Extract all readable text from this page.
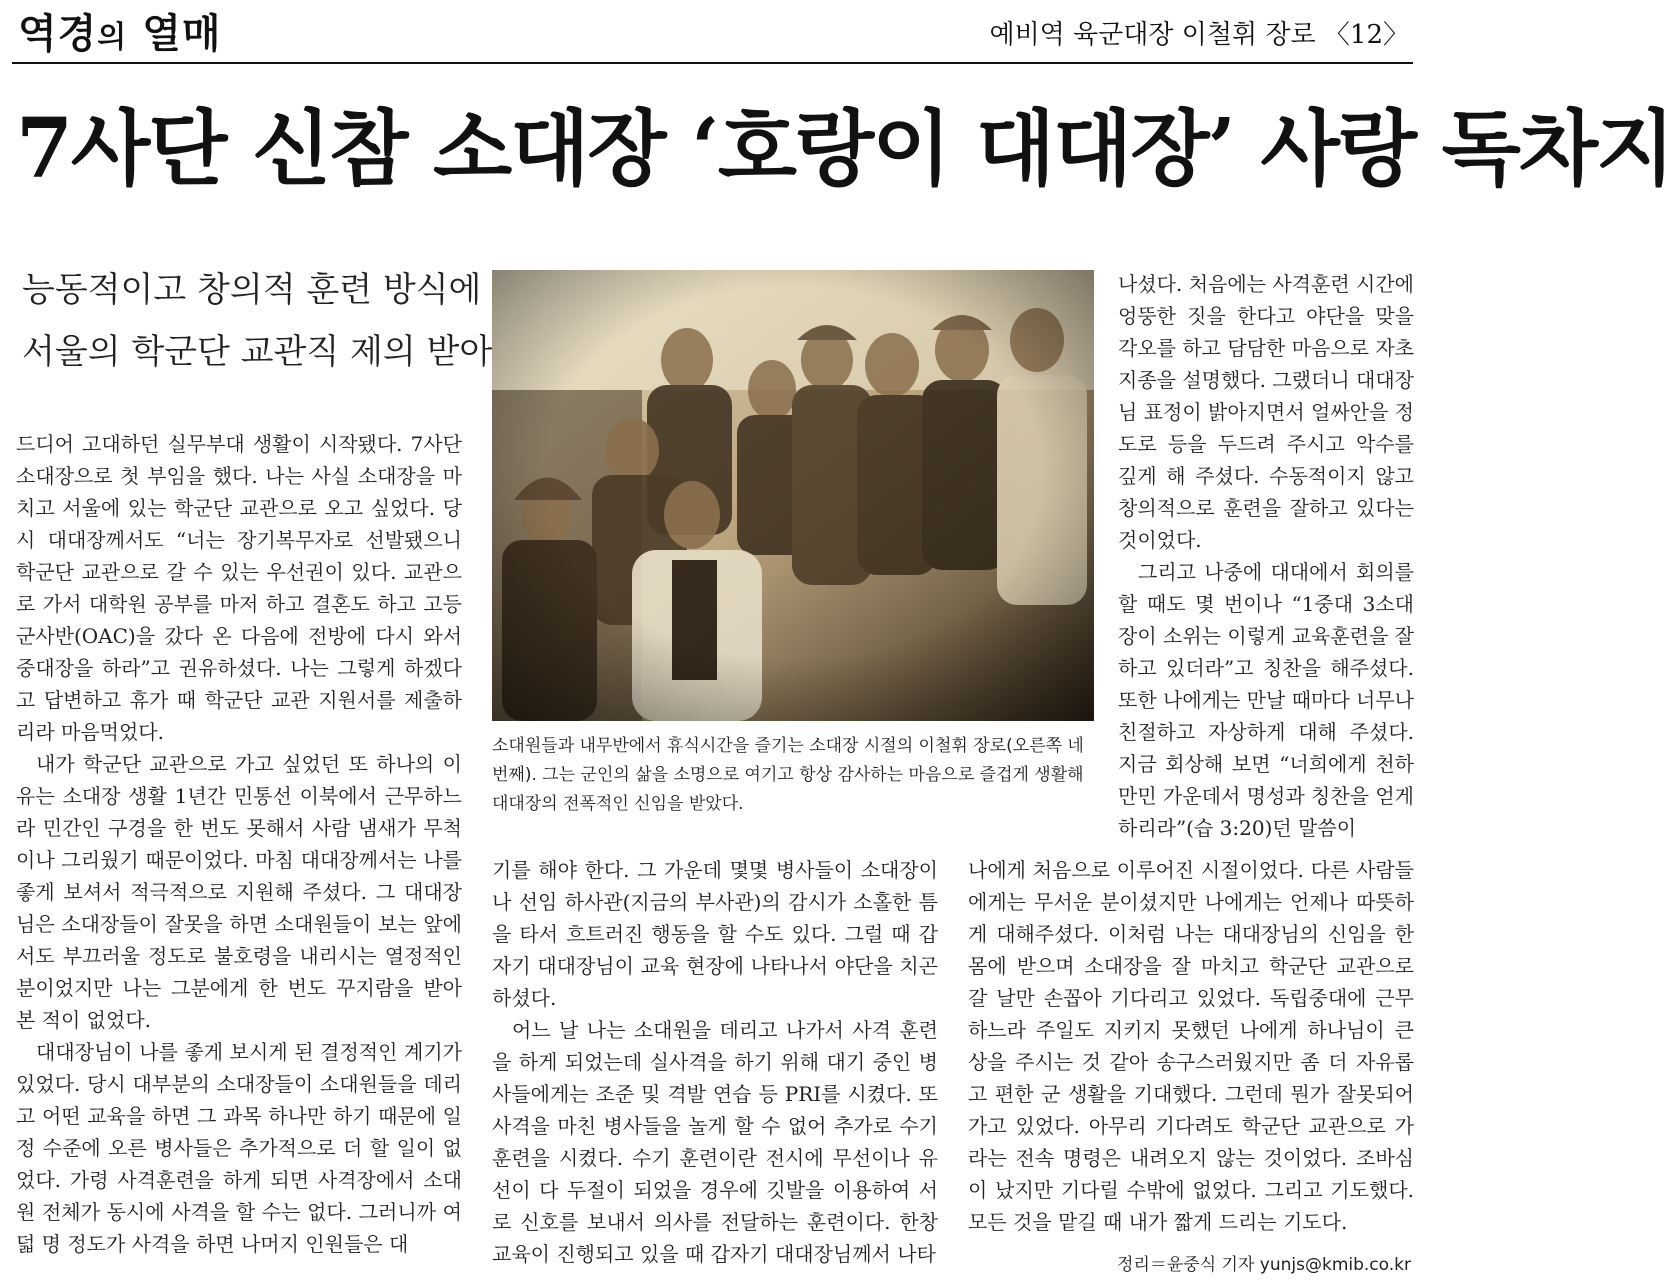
역경의 열매	예비역 육군대장 이철휘 장로 〈12〉
7사단 신참 소대장 ‘호랑이 대대장’ 사랑 독차지
능동적이고 창의적 훈련 방식에
서울의 학군단 교관직 제의 받아

드디어 고대하던 실무부대 생활이 시작됐다. 7사단 소대장으로 첫 부임을 했다. 나는 사실 소대장을 마치고 서울에 있는 학군단 교관으로 오고 싶었다. 당시 대대장께서도 “너는 장기복무자로 선발됐으니 학군단 교관으로 갈 수 있는 우선권이 있다. 교관으로 가서 대학원 공부를 마저 하고 결혼도 하고 고등군사반(OAC)을 갔다 온 다음에 전방에 다시 와서 중대장을 하라”고 권유하셨다. 나는 그렇게 하겠다고 답변하고 휴가 때 학군단 교관 지원서를 제출하리라 마음먹었다.

내가 학군단 교관으로 가고 싶었던 또 하나의 이유는 소대장 생활 1년간 민통선 이북에서 근무하느라 민간인 구경을 한 번도 못해서 사람 냄새가 무척이나 그리웠기 때문이었다. 마침 대대장께서는 나를 좋게 보셔서 적극적으로 지원해 주셨다. 그 대대장님은 소대장들이 잘못을 하면 소대원들이 보는 앞에서도 부끄러울 정도로 불호령을 내리시는 열정적인 분이었지만 나는 그분에게 한 번도 꾸지람을 받아 본 적이 없었다.

대대장님이 나를 좋게 보시게 된 결정적인 계기가 있었다. 당시 대부분의 소대장들이 소대원들을 데리고 어떤 교육을 하면 그 과목 하나만 하기 때문에 일정 수준에 오른 병사들은 추가적으로 더 할 일이 없었다. 가령 사격훈련을 하게 되면 사격장에서 소대원 전체가 동시에 사격을 할 수는 없다. 그러니까 여덟 명 정도가 사격을 하면 나머지 인원들은 대

소대원들과 내무반에서 휴식시간을 즐기는 소대장 시절의 이철휘 장로(오른쪽 네번째). 그는 군인의 삶을 소명으로 여기고 항상 감사하는 마음으로 즐겁게 생활해 대대장의 전폭적인 신임을 받았다.

기를 해야 한다. 그 가운데 몇몇 병사들이 소대장이나 선임 하사관(지금의 부사관)의 감시가 소홀한 틈을 타서 흐트러진 행동을 할 수도 있다. 그럴 때 갑자기 대대장님이 교육 현장에 나타나서 야단을 치곤 하셨다.

어느 날 나는 소대원을 데리고 나가서 사격 훈련을 하게 되었는데 실사격을 하기 위해 대기 중인 병사들에게는 조준 및 격발 연습 등 PRI를 시켰다. 또 사격을 마친 병사들을 놀게 할 수 없어 추가로 수기 훈련을 시켰다. 수기 훈련이란 전시에 무선이나 유선이 다 두절이 되었을 경우에 깃발을 이용하여 서로 신호를 보내서 의사를 전달하는 훈련이다. 한창 교육이 진행되고 있을 때 갑자기 대대장님께서 나타

나셨다. 처음에는 사격훈련 시간에 엉뚱한 짓을 한다고 야단을 맞을 각오를 하고 담담한 마음으로 자초지종을 설명했다. 그랬더니 대대장님 표정이 밝아지면서 얼싸안을 정도로 등을 두드려 주시고 악수를 깊게 해 주셨다. 수동적이지 않고 창의적으로 훈련을 잘하고 있다는 것이었다.

그리고 나중에 대대에서 회의를 할 때도 몇 번이나 “1중대 3소대장이 소위는 이렇게 교육훈련을 잘하고 있더라”고 칭찬을 해주셨다. 또한 나에게는 만날 때마다 너무나 친절하고 자상하게 대해 주셨다. 지금 회상해 보면 “너희에게 천하 만민 가운데서 명성과 칭찬을 얻게 하리라”(습 3:20)던 말씀이

나에게 처음으로 이루어진 시절이었다. 다른 사람들에게는 무서운 분이셨지만 나에게는 언제나 따뜻하게 대해주셨다. 이처럼 나는 대대장님의 신임을 한 몸에 받으며 소대장을 잘 마치고 학군단 교관으로 갈 날만 손꼽아 기다리고 있었다. 독립중대에 근무하느라 주일도 지키지 못했던 나에게 하나님이 큰 상을 주시는 것 같아 송구스러웠지만 좀 더 자유롭고 편한 군 생활을 기대했다. 그런데 뭔가 잘못되어 가고 있었다. 아무리 기다려도 학군단 교관으로 가라는 전속 명령은 내려오지 않는 것이었다. 조바심이 났지만 기다릴 수밖에 없었다. 그리고 기도했다. 모든 것을 맡길 때 내가 짧게 드리는 기도다.

정리＝윤중식 기자 yunjs@kmib.co.kr
